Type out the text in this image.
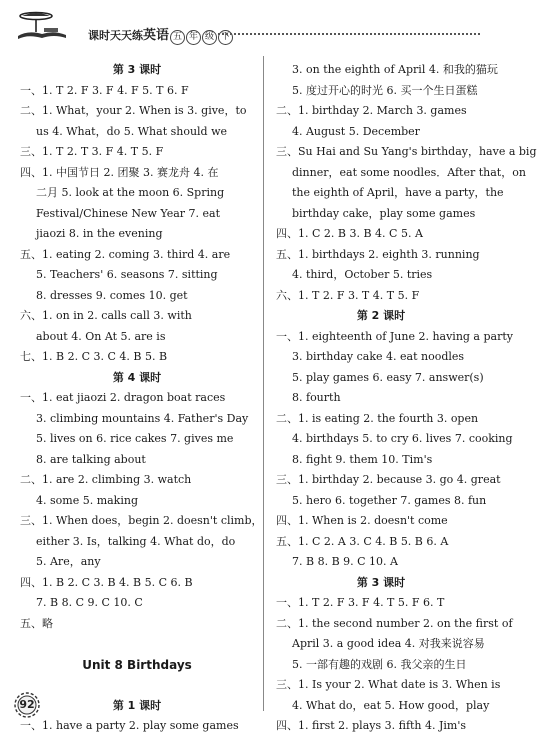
课时天天练英语 五 年 级 下
第 3 课时
一、1. T 2. F 3. F 4. F 5. T 6. F
二、1. What，your 2. When is 3. give，to
us 4. What，do 5. What should we
三、1. T 2. T 3. F 4. T 5. F
四、1. 中国节日 2. 团聚 3. 赛龙舟 4. 在
二月 5. look at the moon 6. Spring
Festival/Chinese New Year 7. eat
jiaozi 8. in the evening
五、1. eating 2. coming 3. third 4. are
5. Teachers' 6. seasons 7. sitting
8. dresses 9. comes 10. get
六、1. on in 2. calls call 3. with
about 4. On At 5. are is
七、1. B 2. C 3. C 4. B 5. B
第 4 课时
一、1. eat jiaozi 2. dragon boat races
3. climbing mountains 4. Father's Day
5. lives on 6. rice cakes 7. gives me
8. are talking about
二、1. are 2. climbing 3. watch
4. some 5. making
三、1. When does，begin 2. doesn't climb，
either 3. Is，talking 4. What do，do
5. Are，any
四、1. B 2. C 3. B 4. B 5. C 6. B
7. B 8. C 9. C 10. C
五、略
Unit 8 Birthdays
第 1 课时
一、1. have a party 2. play some games
3. on the eighth of April 4. 和我的猫玩
5. 度过开心的时光 6. 买一个生日蛋糕
二、1. birthday 2. March 3. games
4. August 5. December
三、Su Hai and Su Yang's birthday，have a big
dinner，eat some noodles．After that，on
the eighth of April，have a party，the
birthday cake，play some games
四、1. C 2. B 3. B 4. C 5. A
五、1. birthdays 2. eighth 3. running
4. third，October 5. tries
六、1. T 2. F 3. T 4. T 5. F
第 2 课时
一、1. eighteenth of June 2. having a party
3. birthday cake 4. eat noodles
5. play games 6. easy 7. answer(s)
8. fourth
二、1. is eating 2. the fourth 3. open
4. birthdays 5. to cry 6. lives 7. cooking
8. fight 9. them 10. Tim's
三、1. birthday 2. because 3. go 4. great
5. hero 6. together 7. games 8. fun
四、1. When is 2. doesn't come
五、1. C 2. A 3. C 4. B 5. B 6. A
7. B 8. B 9. C 10. A
第 3 课时
一、1. T 2. F 3. F 4. T 5. F 6. T
二、1. the second number 2. on the first of
April 3. a good idea 4. 对我来说容易
5. 一部有趣的戏剧 6. 我父亲的生日
三、1. Is your 2. What date is 3. When is
4. What do，eat 5. How good，play
四、1. first 2. plays 3. fifth 4. Jim's
92
